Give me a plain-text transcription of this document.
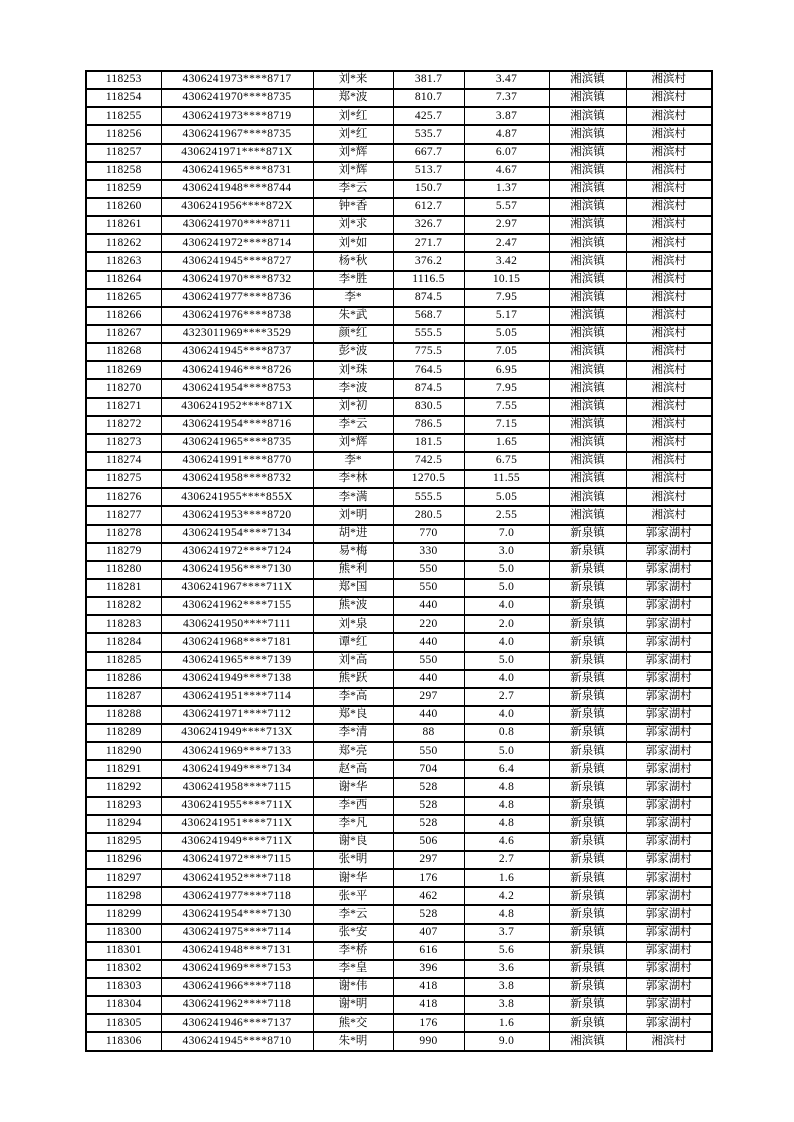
118253	4306241973****8717	刘*来	381.7	3.47	湘滨镇	湘滨村
118254	4306241970****8735	郑*波	810.7	7.37	湘滨镇	湘滨村
118255	4306241973****8719	刘*红	425.7	3.87	湘滨镇	湘滨村
118256	4306241967****8735	刘*红	535.7	4.87	湘滨镇	湘滨村
118257	4306241971****871X	刘*辉	667.7	6.07	湘滨镇	湘滨村
118258	4306241965****8731	刘*辉	513.7	4.67	湘滨镇	湘滨村
118259	4306241948****8744	李*云	150.7	1.37	湘滨镇	湘滨村
118260	4306241956****872X	钟*香	612.7	5.57	湘滨镇	湘滨村
118261	4306241970****8711	刘*求	326.7	2.97	湘滨镇	湘滨村
118262	4306241972****8714	刘*如	271.7	2.47	湘滨镇	湘滨村
118263	4306241945****8727	杨*秋	376.2	3.42	湘滨镇	湘滨村
118264	4306241970****8732	李*胜	1116.5	10.15	湘滨镇	湘滨村
118265	4306241977****8736	李*	874.5	7.95	湘滨镇	湘滨村
118266	4306241976****8738	朱*武	568.7	5.17	湘滨镇	湘滨村
118267	4323011969****3529	颜*红	555.5	5.05	湘滨镇	湘滨村
118268	4306241945****8737	彭*波	775.5	7.05	湘滨镇	湘滨村
118269	4306241946****8726	刘*珠	764.5	6.95	湘滨镇	湘滨村
118270	4306241954****8753	李*波	874.5	7.95	湘滨镇	湘滨村
118271	4306241952****871X	刘*初	830.5	7.55	湘滨镇	湘滨村
118272	4306241954****8716	李*云	786.5	7.15	湘滨镇	湘滨村
118273	4306241965****8735	刘*辉	181.5	1.65	湘滨镇	湘滨村
118274	4306241991****8770	李*	742.5	6.75	湘滨镇	湘滨村
118275	4306241958****8732	李*林	1270.5	11.55	湘滨镇	湘滨村
118276	4306241955****855X	李*满	555.5	5.05	湘滨镇	湘滨村
118277	4306241953****8720	刘*明	280.5	2.55	湘滨镇	湘滨村
118278	4306241954****7134	胡*进	770	7.0	新泉镇	郭家湖村
118279	4306241972****7124	易*梅	330	3.0	新泉镇	郭家湖村
118280	4306241956****7130	熊*利	550	5.0	新泉镇	郭家湖村
118281	4306241967****711X	郑*国	550	5.0	新泉镇	郭家湖村
118282	4306241962****7155	熊*波	440	4.0	新泉镇	郭家湖村
118283	4306241950****7111	刘*泉	220	2.0	新泉镇	郭家湖村
118284	4306241968****7181	谭*红	440	4.0	新泉镇	郭家湖村
118285	4306241965****7139	刘*高	550	5.0	新泉镇	郭家湖村
118286	4306241949****7138	熊*跃	440	4.0	新泉镇	郭家湖村
118287	4306241951****7114	李*高	297	2.7	新泉镇	郭家湖村
118288	4306241971****7112	郑*良	440	4.0	新泉镇	郭家湖村
118289	4306241949****713X	李*清	88	0.8	新泉镇	郭家湖村
118290	4306241969****7133	郑*亮	550	5.0	新泉镇	郭家湖村
118291	4306241949****7134	赵*高	704	6.4	新泉镇	郭家湖村
118292	4306241958****7115	谢*华	528	4.8	新泉镇	郭家湖村
118293	4306241955****711X	李*西	528	4.8	新泉镇	郭家湖村
118294	4306241951****711X	李*凡	528	4.8	新泉镇	郭家湖村
118295	4306241949****711X	谢*良	506	4.6	新泉镇	郭家湖村
118296	4306241972****7115	张*明	297	2.7	新泉镇	郭家湖村
118297	4306241952****7118	谢*华	176	1.6	新泉镇	郭家湖村
118298	4306241977****7118	张*平	462	4.2	新泉镇	郭家湖村
118299	4306241954****7130	李*云	528	4.8	新泉镇	郭家湖村
118300	4306241975****7114	张*安	407	3.7	新泉镇	郭家湖村
118301	4306241948****7131	李*桥	616	5.6	新泉镇	郭家湖村
118302	4306241969****7153	李*皇	396	3.6	新泉镇	郭家湖村
118303	4306241966****7118	谢*伟	418	3.8	新泉镇	郭家湖村
118304	4306241962****7118	谢*明	418	3.8	新泉镇	郭家湖村
118305	4306241946****7137	熊*交	176	1.6	新泉镇	郭家湖村
118306	4306241945****8710	朱*明	990	9.0	湘滨镇	湘滨村
